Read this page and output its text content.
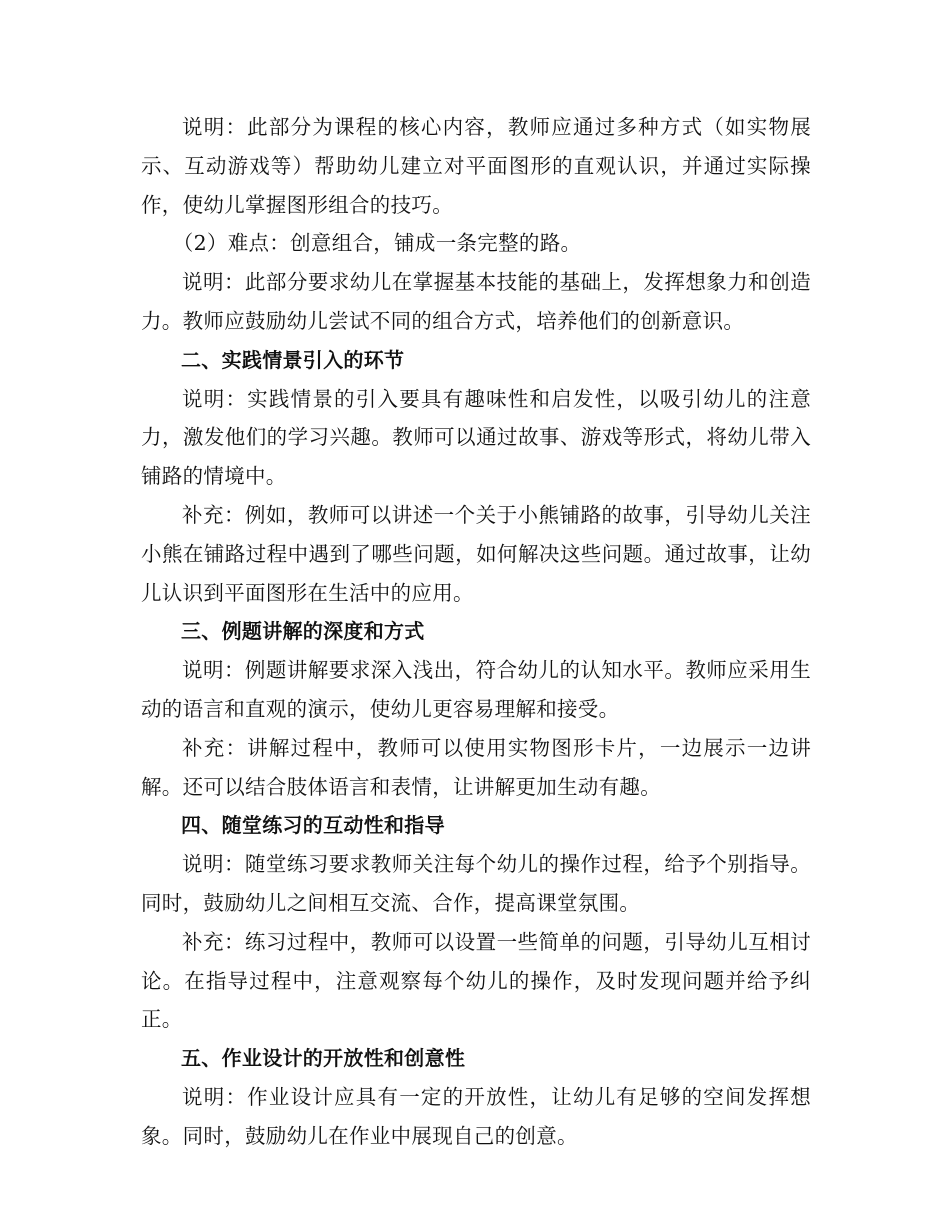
说明：此部分为课程的核心内容，教师应通过多种方式（如实物展示、互动游戏等）帮助幼儿建立对平面图形的直观认识，并通过实际操作，使幼儿掌握图形组合的技巧。

（2）难点：创意组合，铺成一条完整的路。

说明：此部分要求幼儿在掌握基本技能的基础上，发挥想象力和创造力。教师应鼓励幼儿尝试不同的组合方式，培养他们的创新意识。

二、实践情景引入的环节

说明：实践情景的引入要具有趣味性和启发性，以吸引幼儿的注意力，激发他们的学习兴趣。教师可以通过故事、游戏等形式，将幼儿带入铺路的情境中。

补充：例如，教师可以讲述一个关于小熊铺路的故事，引导幼儿关注小熊在铺路过程中遇到了哪些问题，如何解决这些问题。通过故事，让幼儿认识到平面图形在生活中的应用。

三、例题讲解的深度和方式

说明：例题讲解要求深入浅出，符合幼儿的认知水平。教师应采用生动的语言和直观的演示，使幼儿更容易理解和接受。

补充：讲解过程中，教师可以使用实物图形卡片，一边展示一边讲解。还可以结合肢体语言和表情，让讲解更加生动有趣。

四、随堂练习的互动性和指导

说明：随堂练习要求教师关注每个幼儿的操作过程，给予个别指导。同时，鼓励幼儿之间相互交流、合作，提高课堂氛围。

补充：练习过程中，教师可以设置一些简单的问题，引导幼儿互相讨论。在指导过程中，注意观察每个幼儿的操作，及时发现问题并给予纠正。

五、作业设计的开放性和创意性

说明：作业设计应具有一定的开放性，让幼儿有足够的空间发挥想象。同时，鼓励幼儿在作业中展现自己的创意。
